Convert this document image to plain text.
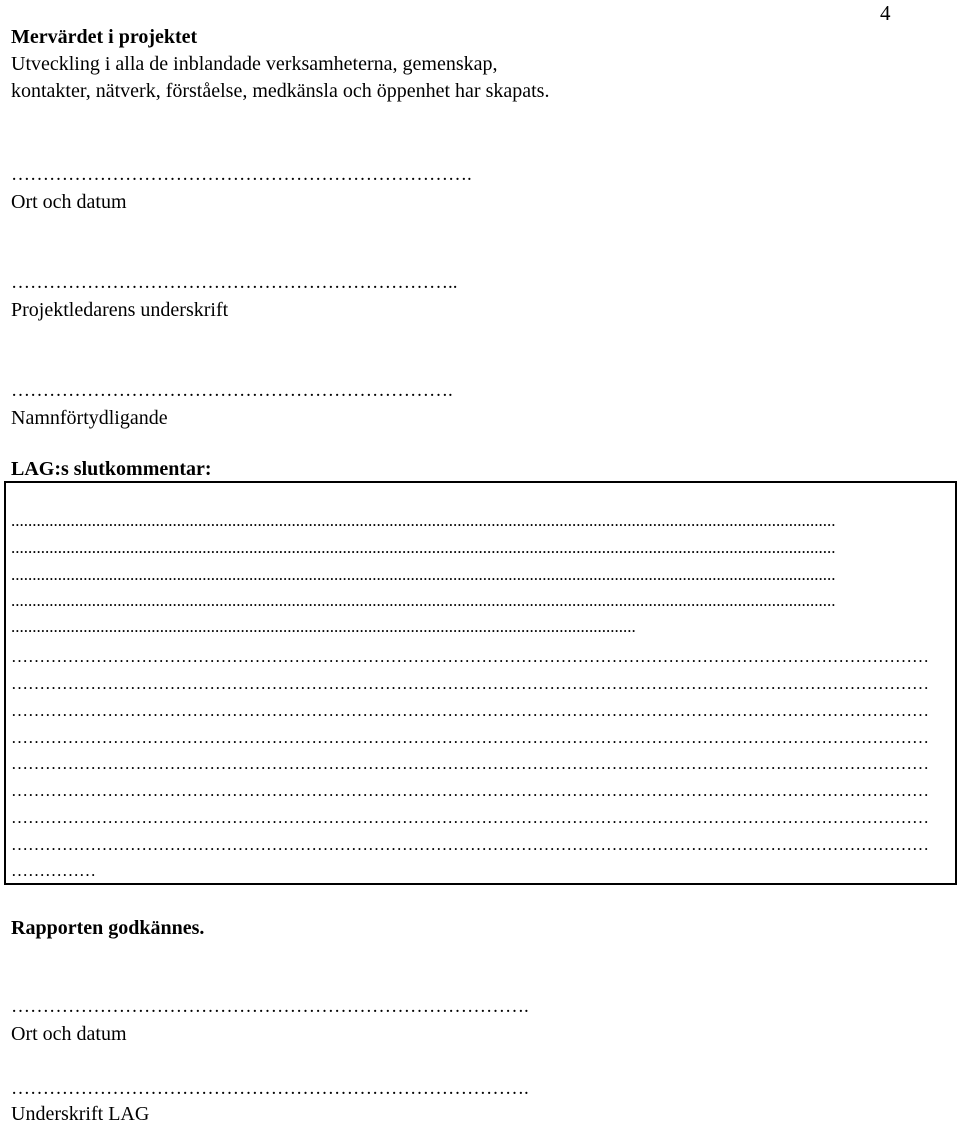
4
Mervärdet i projektet
Utveckling i alla de inblandade verksamheterna, gemenskap,
kontakter, nätverk, förståelse, medkänsla och öppenhet har skapats.
……………………………………………………………….
Ort och datum
……………………………………………………………..
Projektledarens underskrift
…………………………………………………………….
Namnförtydligande
LAG:s slutkommentar:
..................................................................................................................................................................................................
..................................................................................................................................................................................................
..................................................................................................................................................................................................
..................................................................................................................................................................................................
...................................................................................................................................................
………………………………………………………………………………………………………………………………………………
………………………………………………………………………………………………………………………………………………
………………………………………………………………………………………………………………………………………………
………………………………………………………………………………………………………………………………………………
………………………………………………………………………………………………………………………………………………
………………………………………………………………………………………………………………………………………………
………………………………………………………………………………………………………………………………………………
………………………………………………………………………………………………………………………………………………
……………
Rapporten godkännes.
……………………………………………………………………….
Ort och datum
……………………………………………………………………….
Underskrift LAG
